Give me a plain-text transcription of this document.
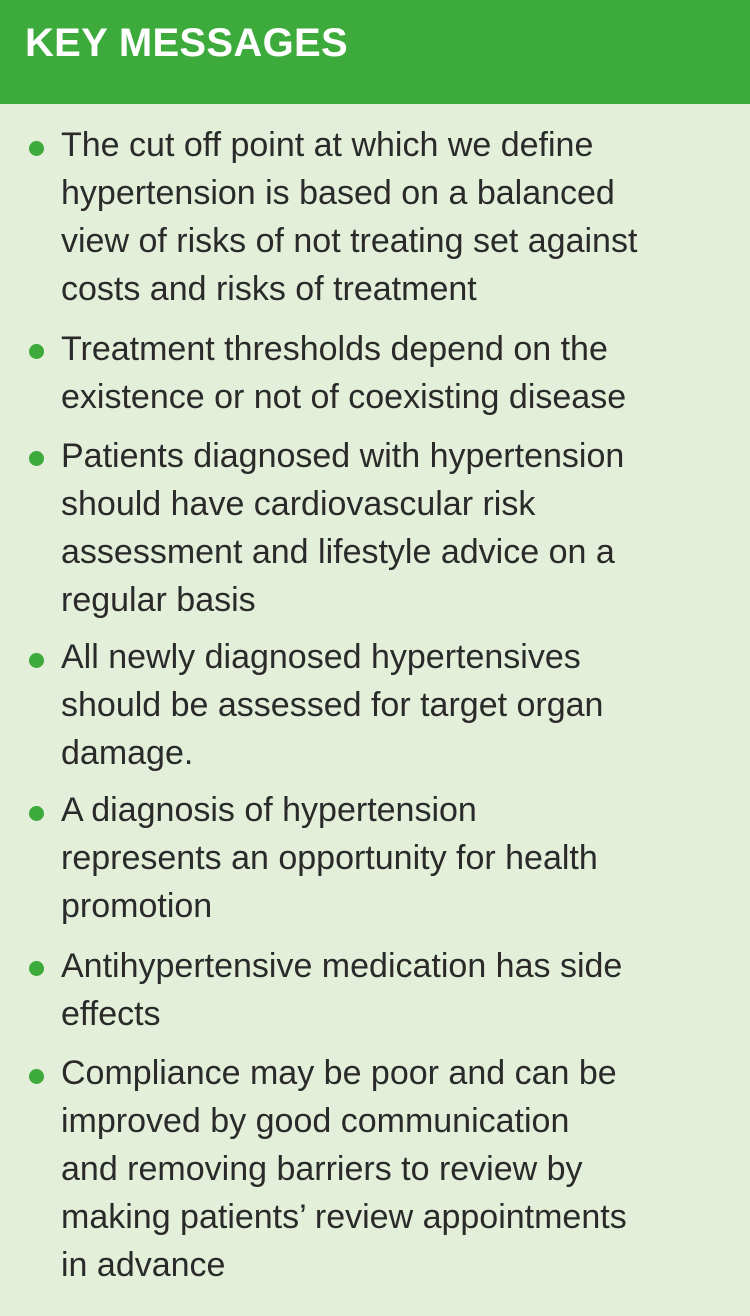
KEY MESSAGES
The cut off point at which we define
hypertension is based on a balanced
view of risks of not treating set against
costs and risks of treatment
Treatment thresholds depend on the
existence or not of coexisting disease
Patients diagnosed with hypertension
should have cardiovascular risk
assessment and lifestyle advice on a
regular basis
All newly diagnosed hypertensives
should be assessed for target organ
damage.
A diagnosis of hypertension
represents an opportunity for health
promotion
Antihypertensive medication has side
effects
Compliance may be poor and can be
improved by good communication
and removing barriers to review by
making patients’ review appointments
in advance
